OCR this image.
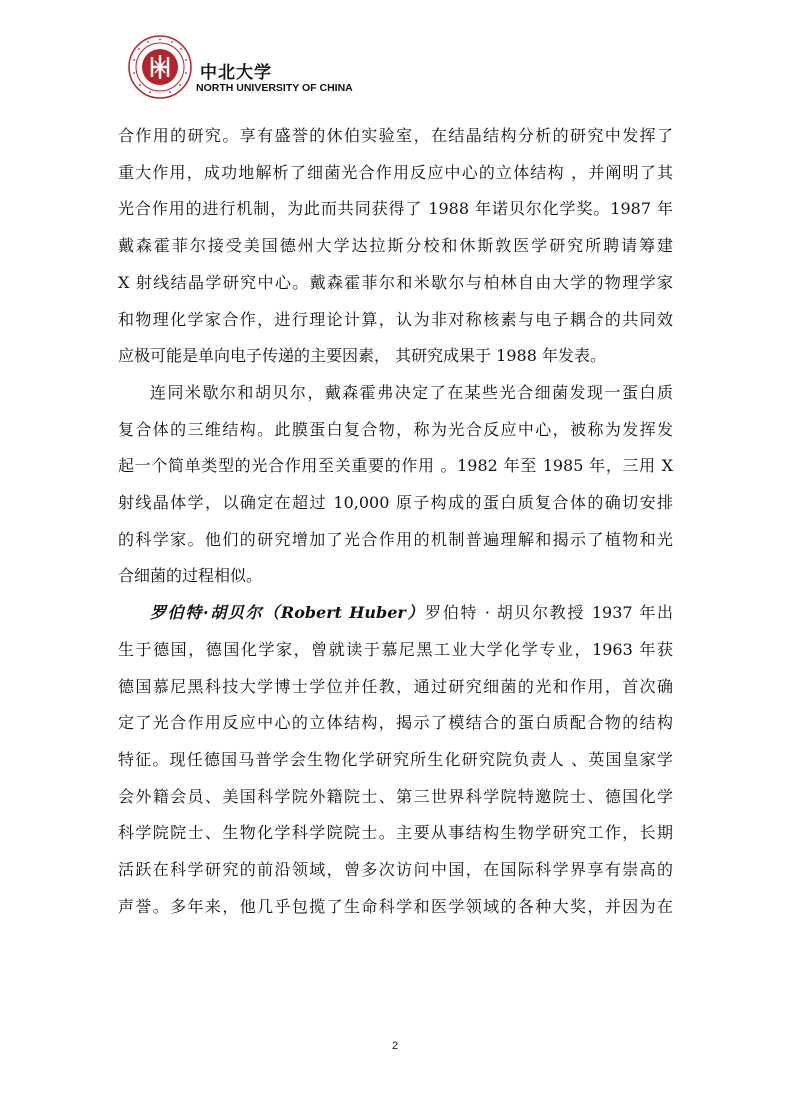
中北大学
NORTH UNIVERSITY OF CHINA

合作用的研究。享有盛誉的休伯实验室，在结晶结构分析的研究中发挥了

重大作用，成功地解析了细菌光合作用反应中心的立体结构 ，并阐明了其

光合作用的进行机制，为此而共同获得了 1988 年诺贝尔化学奖。1987 年

戴森霍菲尔接受美国德州大学达拉斯分校和休斯敦医学研究所聘请筹建

X 射线结晶学研究中心。戴森霍菲尔和米歇尔与柏林自由大学的物理学家

和物理化学家合作，进行理论计算，认为非对称核素与电子耦合的共同效

应极可能是单向电子传递的主要因素， 其研究成果于 1988 年发表。

连同米歇尔和胡贝尔，戴森霍弗决定了在某些光合细菌发现一蛋白质

复合体的三维结构。此膜蛋白复合物，称为光合反应中心，被称为发挥发

起一个简单类型的光合作用至关重要的作用 。1982 年至 1985 年，三用 X

射线晶体学，以确定在超过 10,000 原子构成的蛋白质复合体的确切安排

的科学家。他们的研究增加了光合作用的机制普遍理解和揭示了植物和光

合细菌的过程相似。

罗伯特·胡贝尔（Robert Huber）罗伯特 · 胡贝尔教授 1937 年出

生于德国，德国化学家，曾就读于慕尼黑工业大学化学专业，1963 年获

德国慕尼黑科技大学博士学位并任教，通过研究细菌的光和作用，首次确

定了光合作用反应中心的立体结构，揭示了模结合的蛋白质配合物的结构

特征。现任德国马普学会生物化学研究所生化研究院负责人 、英国皇家学

会外籍会员、美国科学院外籍院士、第三世界科学院特邀院士、德国化学

科学院院士、生物化学科学院院士。主要从事结构生物学研究工作，长期

活跃在科学研究的前沿领域，曾多次访问中国，在国际科学界享有崇高的

声誉。多年来，他几乎包揽了生命科学和医学领域的各种大奖，并因为在

2
